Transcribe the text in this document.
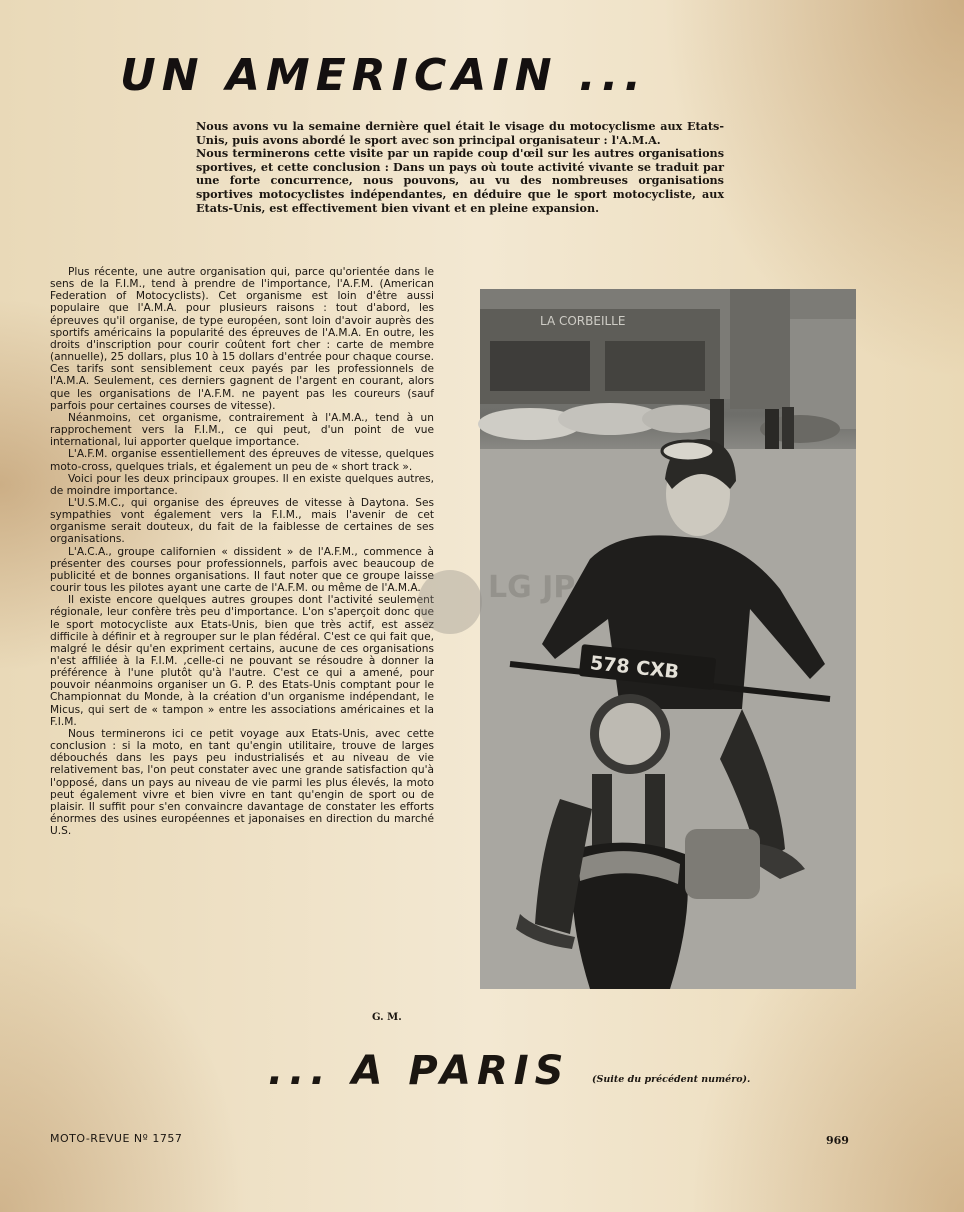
UN AMERICAIN ...

Nous avons vu la semaine dernière quel était le visage du motocyclisme aux Etats-Unis, puis avons abordé le sport avec son principal organisateur : l'A.M.A.

Nous terminerons cette visite par un rapide coup d'œil sur les autres organisations sportives, et cette conclusion : Dans un pays où toute activité vivante se traduit par une forte concurrence, nous pouvons, au vu des nombreuses organisations sportives motocyclistes indépendantes, en déduire que le sport motocycliste, aux Etats-Unis, est effectivement bien vivant et en pleine expansion.

Plus récente, une autre organisation qui, parce qu'orientée dans le sens de la F.I.M., tend à prendre de l'importance, l'A.F.M. (American Federation of Motocyclists). Cet organisme est loin d'être aussi populaire que l'A.M.A. pour plusieurs raisons : tout d'abord, les épreuves qu'il organise, de type européen, sont loin d'avoir auprès des sportifs américains la popularité des épreuves de l'A.M.A. En outre, les droits d'inscription pour courir coûtent fort cher : carte de membre (annuelle), 25 dollars, plus 10 à 15 dollars d'entrée pour chaque course. Ces tarifs sont sensiblement ceux payés par les professionnels de l'A.M.A. Seulement, ces derniers gagnent de l'argent en courant, alors que les organisations de l'A.F.M. ne payent pas les coureurs (sauf parfois pour certaines courses de vitesse).

Néanmoins, cet organisme, contrairement à l'A.M.A., tend à un rapprochement vers la F.I.M., ce qui peut, d'un point de vue international, lui apporter quelque importance.

L'A.F.M. organise essentiellement des épreuves de vitesse, quelques moto-cross, quelques trials, et également un peu de « short track ».

Voici pour les deux principaux groupes. Il en existe quelques autres, de moindre importance.

L'U.S.M.C., qui organise des épreuves de vitesse à Daytona. Ses sympathies vont également vers la F.I.M., mais l'avenir de cet organisme serait douteux, du fait de la faiblesse de certaines de ses organisations.

L'A.C.A., groupe californien « dissident » de l'A.F.M., commence à présenter des courses pour professionnels, parfois avec beaucoup de publicité et de bonnes organisations. Il faut noter que ce groupe laisse courir tous les pilotes ayant une carte de l'A.F.M. ou même de l'A.M.A.

Il existe encore quelques autres groupes dont l'activité seulement régionale, leur confère très peu d'importance. L'on s'aperçoit donc que le sport motocycliste aux Etats-Unis, bien que très actif, est assez difficile à définir et à regrouper sur le plan fédéral. C'est ce qui fait que, malgré le désir qu'en expriment certains, aucune de ces organisations n'est affiliée à la F.I.M. ,celle-ci ne pouvant se résoudre à donner la préférence à l'une plutôt qu'à l'autre. C'est ce qui a amené, pour pouvoir néanmoins organiser un G. P. des Etats-Unis comptant pour le Championnat du Monde, à la création d'un organisme indépendant, le Micus, qui sert de « tampon » entre les associations américaines et la F.I.M.

Nous terminerons ici ce petit voyage aux Etats-Unis, avec cette conclusion : si la moto, en tant qu'engin utilitaire, trouve de larges débouchés dans les pays peu industrialisés et au niveau de vie relativement bas, l'on peut constater avec une grande satisfaction qu'à l'opposé, dans un pays au niveau de vie parmi les plus élevés, la moto peut également vivre et bien vivre en tant qu'engin de sport ou de plaisir. Il suffit pour s'en convaincre davantage de constater les efforts énormes des usines européennes et japonaises en direction du marché U.S.

G. M.

LA CORBEILLE
578 CXB
LG JP
... A PARIS (Suite du précédent numéro).

MOTO-REVUE Nº 1757	969
